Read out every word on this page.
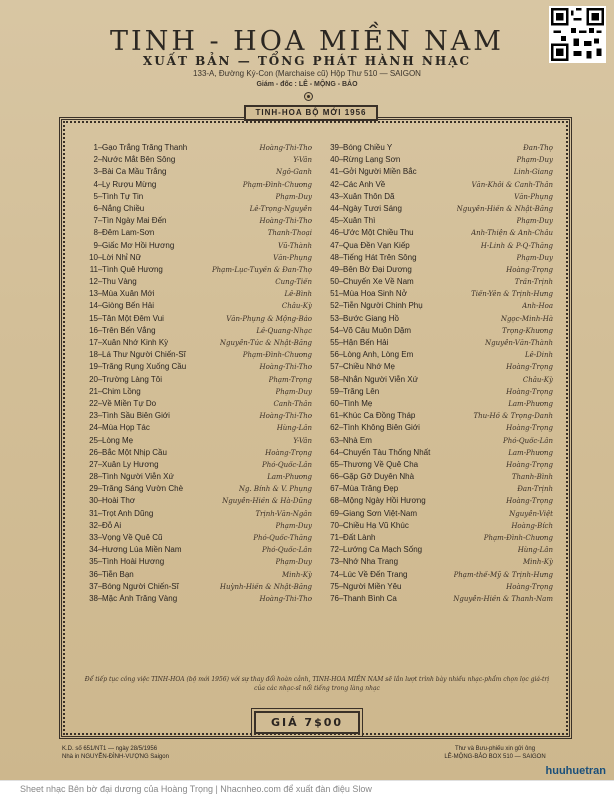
TINH - HOA MIỀN NAM
XUẤT BẢN — TỔNG PHÁT HÀNH NHẠC
133-A, Đường Ký-Con (Marchaise cũ) Hộp Thư 510 — SAIGON
Giám - đốc : LÊ - MỘNG - BẢO
TINH-HOA BỘ MỚI 1956
1 – Gạo Trắng Trăng Thanh	Hoàng-Thi-Thơ
2 – Nước Mắt Bên Sông	Y-Vân
3 – Bài Ca Mầu Trắng	Ngô-Ganh
4 – Ly Rượu Mừng	Phạm-Đình-Chương
5 – Tình Tự Tin	Phạm-Duy
6 – Nắng Chiều	Lê-Trọng-Nguyễn
7 – Tìn Ngày Mai Đến	Hoàng-Thi-Thơ
8 – Đêm Lam-Sơn	Thanh-Thoại
9 – Giấc Mơ Hồi Hương	Vũ-Thành
10 – Lời Nhỉ Nữ	Văn-Phụng
11 – Tình Quê Hương	Phạm-Lục-Tuyền & Đan-Thọ
12 – Thu Vàng	Cung-Tiến
13 – Mùa Xuân Mới	Lê-Bình
14 – Giòng Bến Hải	Châu-Kỳ
15 – Tân Một Đêm Vui	Văn-Phụng & Mộng-Bảo
16 – Trên Bến Vắng	Lê-Quang-Nhạc
17 – Xuân Nhớ Kinh Kỳ	Nguyễn-Túc & Nhật-Bằng
18 – Lá Thư Người Chiến-Sĩ	Phạm-Đình-Chương
19 – Trăng Rụng Xuống Cầu	Hoàng-Thi-Thơ
20 – Trường Làng Tôi	Phạm-Trọng
21 – Chim Lồng	Phạm-Duy
22 – Về Miền Tự Do	Canh-Thân
23 – Tình Sầu Biên Giới	Hoàng-Thi-Thơ
24 – Mùa Họp Tác	Hùng-Lân
25 – Lòng Mẹ	Y-Vân
26 – Bắc Một Nhịp Cầu	Hoàng-Trọng
27 – Xuân Ly Hương	Phó-Quốc-Lân
28 – Tình Người Viễn Xứ	Lam-Phương
29 – Trăng Sáng Vườn Chè	Ng. Bính & V. Phụng
30 – Hoài Thơ	Nguyễn-Hiền & Hà-Dũng
31 – Trọt Anh Dũng	Trịnh-Văn-Ngân
32 – Đỗ Ai	Phạm-Duy
33 – Vọng Về Quê Cũ	Phó-Quốc-Thăng
34 – Hương Lúa Miền Nam	Phó-Quốc-Lân
35 – Tình Hoài Hương	Phạm-Duy
36 – Tiễn Bạn	Minh-Kỳ
37 – Bóng Người Chiến-Sĩ	Huỳnh-Hiền & Nhật-Bằng
38 – Mặc Ánh Trăng Vàng	Hoàng-Thi-Thơ
39 – Bóng Chiều Y	Đan-Thọ
40 – Rừng Lạng Sơn	Phạm-Duy
41 – Gởi Người Miền Bắc	Linh-Giang
42 – Các Anh Về	Văn-Khôi & Canh-Thân
43 – Xuân Thôn Dã	Văn-Phụng
44 – Ngày Tươi Sáng	Nguyễn-Hiền & Nhật-Bằng
45 – Xuân Thì	Phạm-Duy
46 – Ước Một Chiều Thu	Anh-Thiện & Anh-Châu
47 – Qua Đền Vạn Kiếp	H-Linh & P-Q-Thăng
48 – Tiếng Hát Trên Sông	Phạm-Duy
49 – Bên Bờ Đại Dương	Hoàng-Trọng
50 – Chuyến Xe Về Nam	Trần-Trịnh
51 – Mùa Hoa Sinh Nở	Tiến-Yên & Trịnh-Hưng
52 – Tiễn Người Chinh Phụ	Anh-Hoa
53 – Bước Giang Hồ	Ngọc-Minh-Hà
54 – Võ Câu Muôn Dặm	Trọng-Khương
55 – Hận Bến Hải	Nguyễn-Văn-Thành
56 – Lòng Anh, Lòng Em	Lê-Dinh
57 – Chiều Nhớ Mẹ	Hoàng-Trọng
58 – Nhắn Người Viễn Xứ	Châu-Kỳ
59 – Trăng Lên	Hoàng-Trọng
60 – Tình Mẹ	Lam-Phương
61 – Khúc Ca Đồng Tháp	Thu-Hồ & Trọng-Danh
62 – Tình Không Biên Giới	Hoàng-Trọng
63 – Nhà Em	Phó-Quốc-Lân
64 – Chuyến Tàu Thống Nhất	Lam-Phương
65 – Thương Về Quê Cha	Hoàng-Trọng
66 – Gặp Gỡ Duyên Nhà	Thanh-Bình
67 – Mùa Trăng Đẹp	Đan-Trịnh
68 – Mộng Ngày Hồi Hương	Hoàng-Trọng
69 – Giang Sơn Việt-Nam	Nguyễn-Việt
70 – Chiều Hạ Vũ Khúc	Hoàng-Bích
71 – Đất Lành	Phạm-Đình-Chương
72 – Lướng Ca Mạch Sống	Hùng-Lân
73 – Nhớ Nha Trang	Minh-Kỳ
74 – Lúc Về Đến Trang	Phạm-thế-Mỹ & Trịnh-Hưng
75 – Người Miền Yêu	Hoàng-Trọng
76 – Thanh Bình Ca	Nguyễn-Hiền & Thanh-Nam
Để tiếp tục công việc TINH-HOA (bộ mới 1956) với sự thay đổi hoàn cảnh, TINH-HOA MIỀN NAM sẽ lần lượt trình bày nhiều nhạc-phẩm chọn lọc giá-trị của các nhạc-sĩ nổi tiếng trong làng nhạc
GIÁ 7$00
K.D. số 651/NT1 — ngày 28/5/1956
Nhà in NGUYỄN-ĐÌNH-VƯỢNG Saigon
Thư và Bưu-phiếu xin gửi ông
LÊ-MỘNG-BẢO BOX 510 — SAIGON
huuhuetran
Sheet nhạc Bên bờ đại dương của Hoàng Trọng | Nhacnheo.com để xuất đàn điệu Slow
